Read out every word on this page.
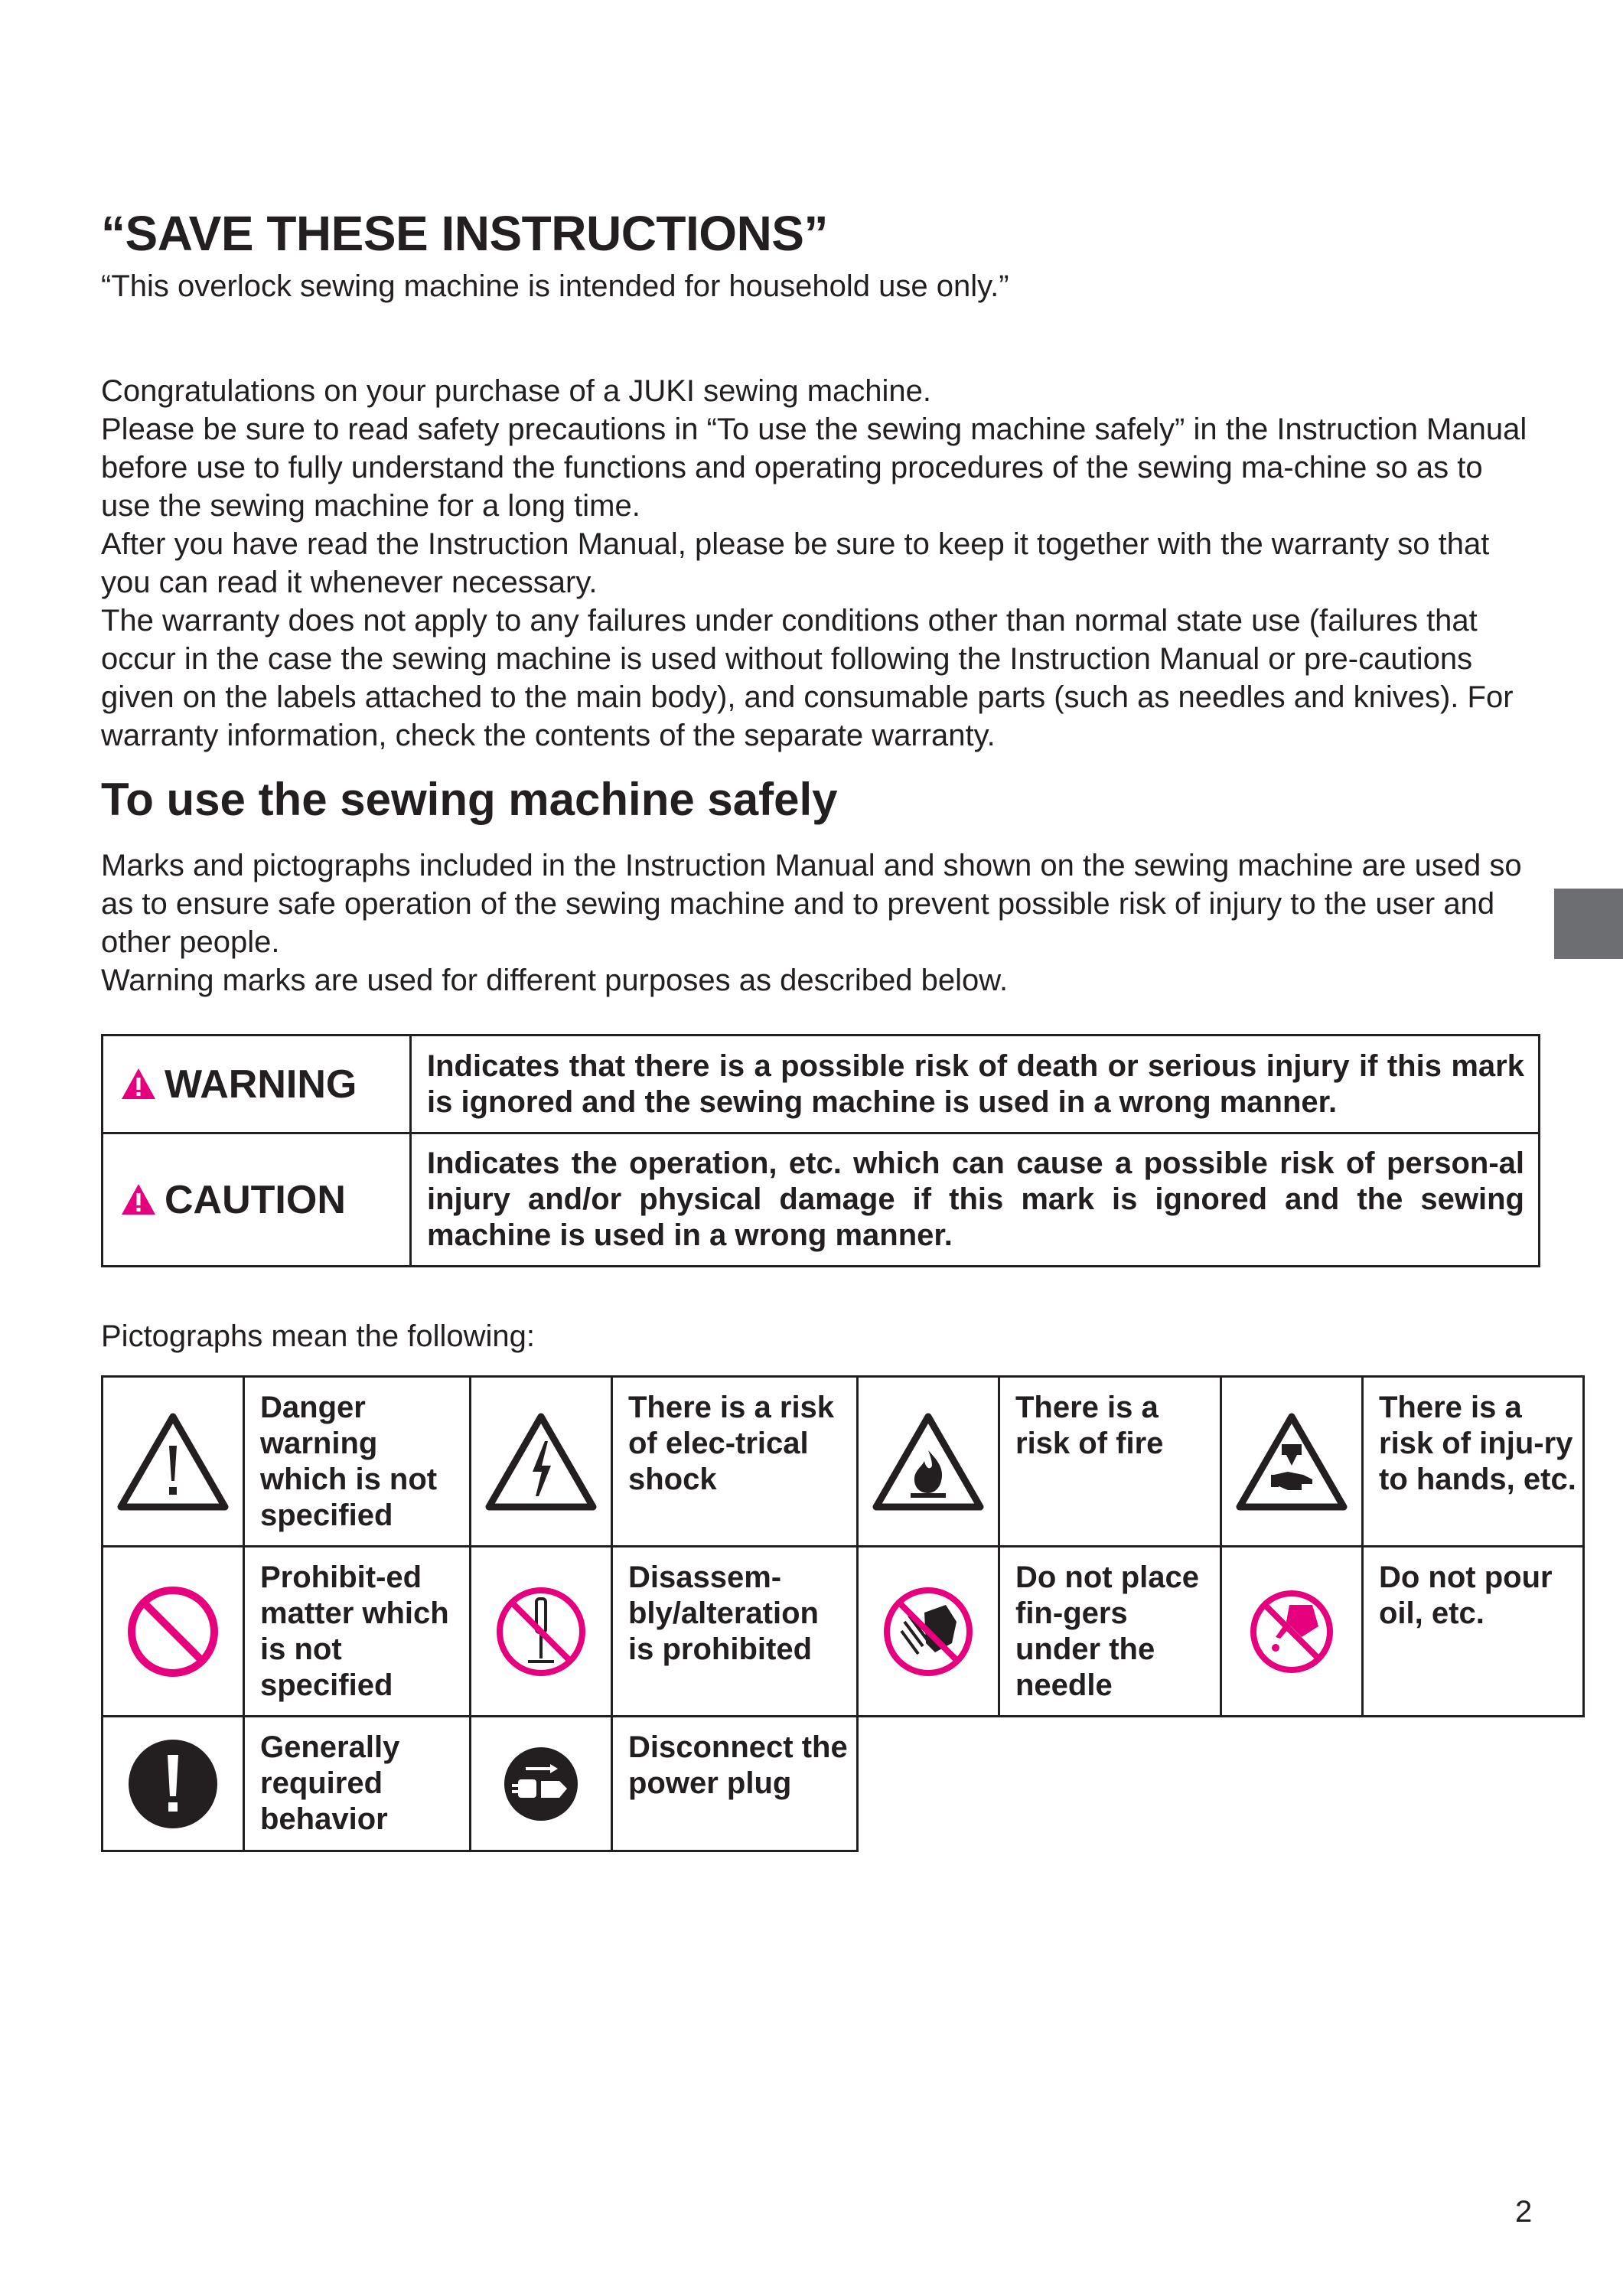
“SAVE THESE INSTRUCTIONS”
“This overlock sewing machine is intended for household use only.”

Congratulations on your purchase of a JUKI sewing machine.

Please be sure to read safety precautions in “To use the sewing machine safely” in the Instruction Manual before use to fully understand the functions and operating procedures of the sewing ma-chine so as to use the sewing machine for a long time.

After you have read the Instruction Manual, please be sure to keep it together with the warranty so that you can read it whenever necessary.

The warranty does not apply to any failures under conditions other than normal state use (failures that occur in the case the sewing machine is used without following the Instruction Manual or pre-cautions given on the labels attached to the main body), and consumable parts (such as needles and knives). For warranty information, check the contents of the separate warranty.

To use the sewing machine safely

Marks and pictographs included in the Instruction Manual and shown on the sewing machine are used so as to ensure safe operation of the sewing machine and to prevent possible risk of injury to the user and other people.

Warning marks are used for different purposes as described below.

WARNING	Indicates that there is a possible risk of death or serious injury if this mark is ignored and the sewing machine is used in a wrong manner.
CAUTION	Indicates the operation, etc. which can cause a possible risk of person-al injury and/or physical damage if this mark is ignored and the sewing machine is used in a wrong manner.
Pictographs mean the following:
	Danger warning which is not specified		There is a risk of elec-trical shock		There is a risk of fire		There is a risk of inju-ry to hands, etc.

	Prohibit-ed matter which is not specified		Disassem-bly/alteration is prohibited		Do not place fin-gers under the needle		Do not pour oil, etc.

	Generally required behavior		Disconnect the power plug				
2
